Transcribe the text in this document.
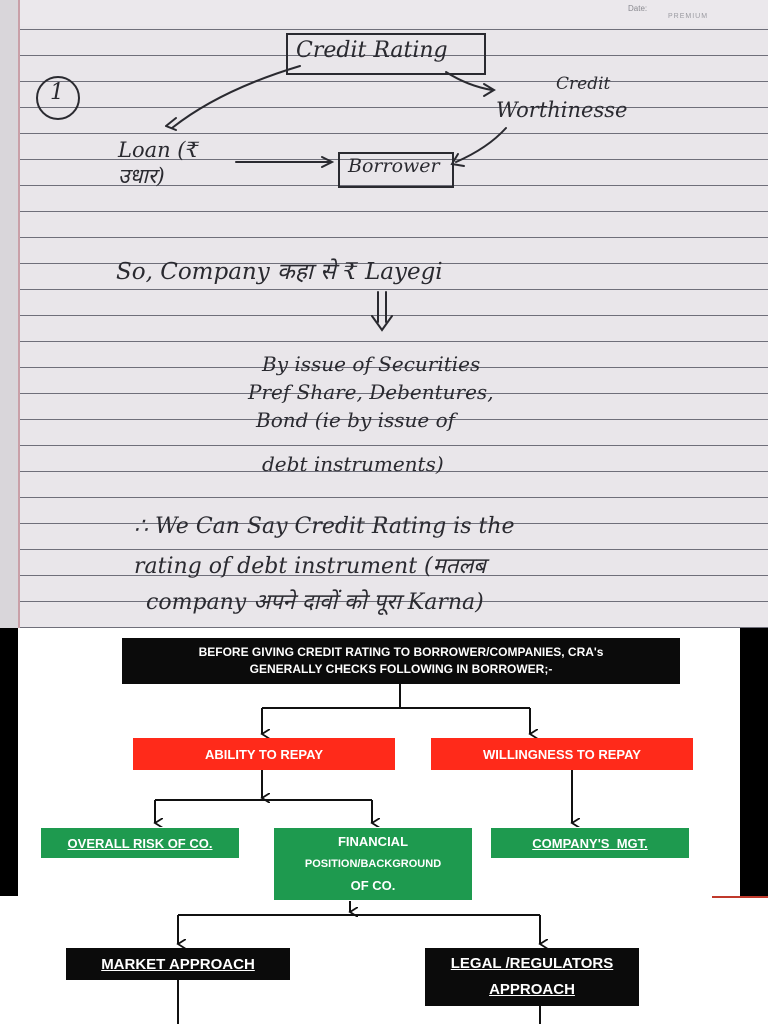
Date:
PREMIUM
Credit Rating
1	Credit
Worthinesse
Loan (₹
उधार)	Borrower
So, Company कहा से ₹ Layegi
By issue of Securities
Pref Share, Debentures,
Bond (ie by issue of
debt instruments)
∴ We Can Say Credit Rating is the
rating of debt instrument (मतलब
company अपने दावों को पूरा Karna)
BEFORE GIVING CREDIT RATING TO BORROWER/COMPANIES, CRA's
GENERALLY CHECKS FOLLOWING IN BORROWER;-
ABILITY TO REPAY	WILLINGNESS TO REPAY
OVERALL RISK OF CO.	FINANCIAL
POSITION/BACKGROUND
OF CO.
COMPANY'S  MGT.
MARKET APPROACH	LEGAL /REGULATORS
APPROACH
